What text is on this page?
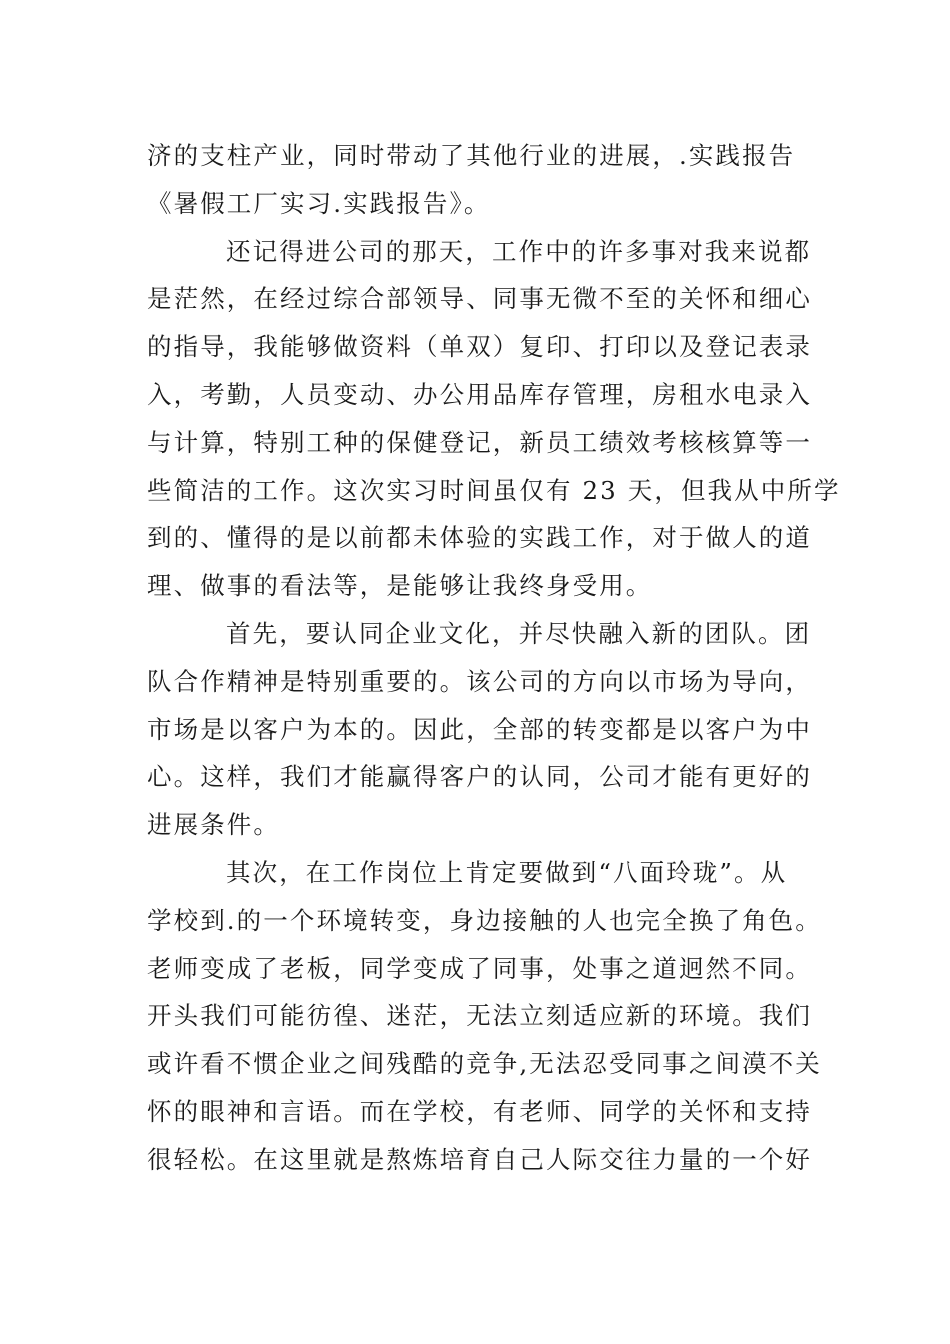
济的支柱产业，同时带动了其他行业的进展，.实践报告
《暑假工厂实习.实践报告》。
还记得进公司的那天，工作中的许多事对我来说都
是茫然，在经过综合部领导、同事无微不至的关怀和细心
的指导，我能够做资料（单双）复印、打印以及登记表录
入，考勤，人员变动、办公用品库存管理，房租水电录入
与计算，特别工种的保健登记，新员工绩效考核核算等一
些简洁的工作。这次实习时间虽仅有 23 天，但我从中所学
到的、懂得的是以前都未体验的实践工作，对于做人的道
理、做事的看法等，是能够让我终身受用。
首先，要认同企业文化，并尽快融入新的团队。团
队合作精神是特别重要的。该公司的方向以市场为导向，
市场是以客户为本的。因此，全部的转变都是以客户为中
心。这样，我们才能赢得客户的认同，公司才能有更好的
进展条件。
其次，在工作岗位上肯定要做到“八面玲珑”。从
学校到.的一个环境转变，身边接触的人也完全换了角色。
老师变成了老板，同学变成了同事，处事之道迥然不同。
开头我们可能彷徨、迷茫，无法立刻适应新的环境。我们
或许看不惯企业之间残酷的竞争,无法忍受同事之间漠不关
怀的眼神和言语。而在学校，有老师、同学的关怀和支持
很轻松。在这里就是熬炼培育自己人际交往力量的一个好
